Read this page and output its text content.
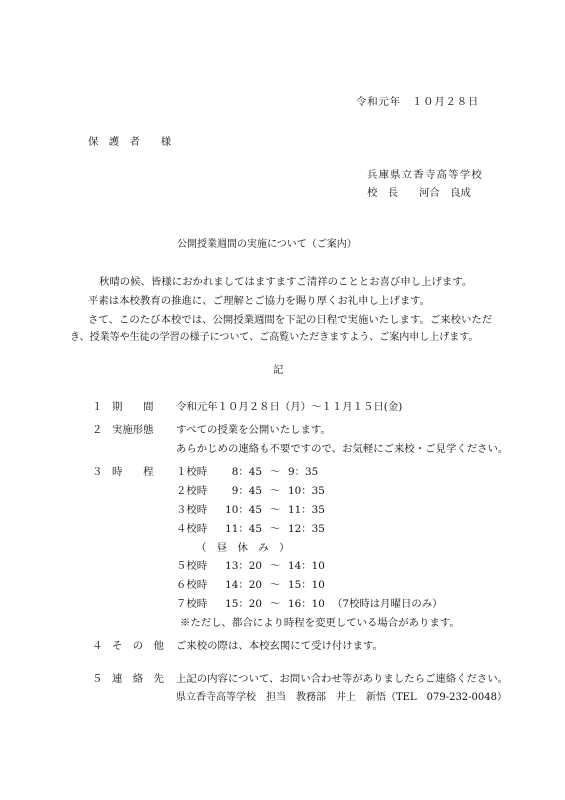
令和元年　１０月２８日
保　護　者　　様
兵庫県立香寺高等学校
校　長　　河合　良成
公開授業週間の実施について（ご案内）
秋晴の候、皆様におかれましてはますますご清祥のこととお喜び申し上げます。
平素は本校教育の推進に、ご理解とご協力を賜り厚くお礼申し上げます。
さて、このたび本校では、公開授業週間を下記の日程で実施いたします。ご来校いただ
き、授業等や生徒の学習の様子について、ご高覧いただきますよう、ご案内申し上げます。
記
１ 期　　間 令和元年１０月２８日（月）～１１月１５日(金)
２ 実施形態 すべての授業を公開いたします。
あらかじめの連絡も不要ですので、お気軽にご来校・ご見学ください。
３ 時　　程 １校時 8：45 ～ 9：35
２校時 9：45 ～ 10：35
３校時 10：45 ～ 11：35
４校時 11：45 ～ 12：35
（　昼　休　み　）
５校時 13：20 ～ 14：10
６校時 14：20 ～ 15：10
７校時 15：20 ～ 16：10 （7校時は月曜日のみ）
※ただし、都合により時程を変更している場合があります。
４ そ　の　他 ご来校の際は、本校玄関にて受け付けます。
５ 連　絡　先 上記の内容について、お問い合わせ等がありましたらご連絡ください。
県立香寺高等学校　担当　教務部　井上　新悟（TEL　079-232-0048）
